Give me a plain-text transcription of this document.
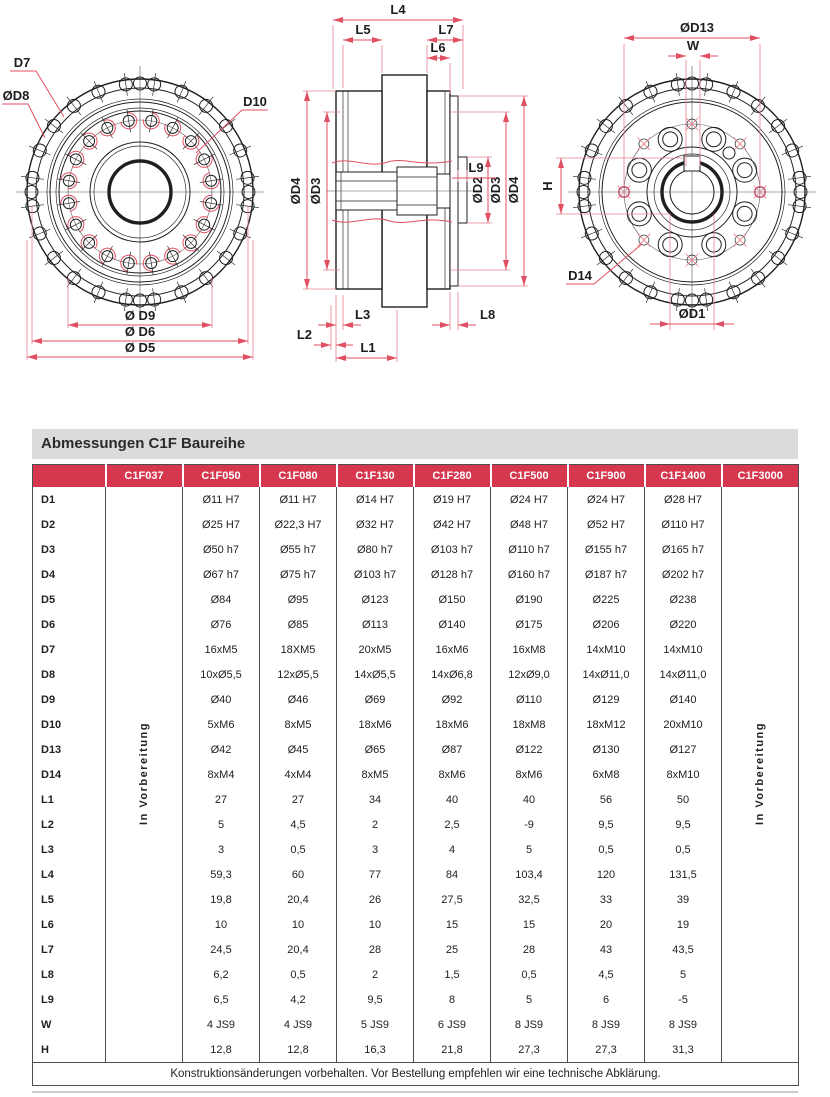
Ø D9
Ø D6
Ø D5
D7
ØD8	D10
L4
L5	L7
L6
ØD4 ØD3	ØD2 ØD3 ØD4
L9
L3
L2
L1
L8
ØD13
W
H
D14
ØD1
Abmessungen C1F Baureihe
	C1F037	C1F050	C1F080	C1F130	C1F280	C1F500	C1F900	C1F1400	C1F3000
D1	In Vorbereitung	Ø11 H7	Ø11 H7	Ø14 H7	Ø19 H7	Ø24 H7	Ø24 H7	Ø28 H7	In Vorbereitung
D2		Ø25 H7	Ø22,3 H7	Ø32 H7	Ø42 H7	Ø48 H7	Ø52 H7	Ø110 H7	
D3		Ø50 h7	Ø55 h7	Ø80 h7	Ø103 h7	Ø110 h7	Ø155 h7	Ø165 h7	
D4		Ø67 h7	Ø75 h7	Ø103 h7	Ø128 h7	Ø160 h7	Ø187 h7	Ø202 h7	
D5		Ø84	Ø95	Ø123	Ø150	Ø190	Ø225	Ø238	
D6		Ø76	Ø85	Ø113	Ø140	Ø175	Ø206	Ø220	
D7		16xM5	18XM5	20xM5	16xM6	16xM8	14xM10	14xM10	
D8		10xØ5,5	12xØ5,5	14xØ5,5	14xØ6,8	12xØ9,0	14xØ11,0	14xØ11,0	
D9		Ø40	Ø46	Ø69	Ø92	Ø110	Ø129	Ø140	
D10		5xM6	8xM5	18xM6	18xM6	18xM8	18xM12	20xM10	
D13		Ø42	Ø45	Ø65	Ø87	Ø122	Ø130	Ø127	
D14		8xM4	4xM4	8xM5	8xM6	8xM6	6xM8	8xM10	
L1		27	27	34	40	40	56	50	
L2		5	4,5	2	2,5	-9	9,5	9,5	
L3		3	0,5	3	4	5	0,5	0,5	
L4		59,3	60	77	84	103,4	120	131,5	
L5		19,8	20,4	26	27,5	32,5	33	39	
L6		10	10	10	15	15	20	19	
L7		24,5	20,4	28	25	28	43	43,5	
L8		6,2	0,5	2	1,5	0,5	4,5	5	
L9		6,5	4,2	9,5	8	5	6	-5	
W		4 JS9	4 JS9	5 JS9	6 JS9	8 JS9	8 JS9	8 JS9	
H		12,8	12,8	16,3	21,8	27,3	27,3	31,3	
Konstruktionsänderungen vorbehalten. Vor Bestellung empfehlen wir eine technische Abklärung.									
